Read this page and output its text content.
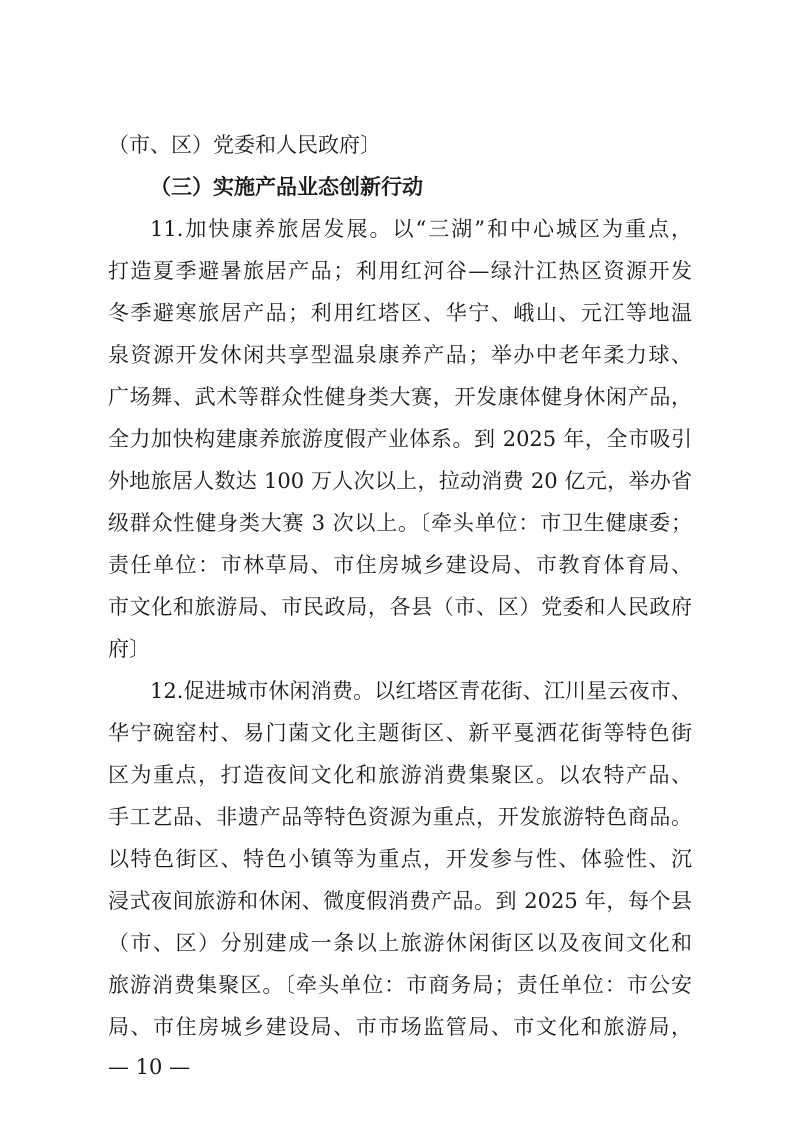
（市、区）党委和人民政府〕
（三）实施产品业态创新行动
11.加快康养旅居发展。以“三湖”和中心城区为重点，
打造夏季避暑旅居产品；利用红河谷—绿汁江热区资源开发
冬季避寒旅居产品；利用红塔区、华宁、峨山、元江等地温
泉资源开发休闲共享型温泉康养产品；举办中老年柔力球、
广场舞、武术等群众性健身类大赛，开发康体健身休闲产品，
全力加快构建康养旅游度假产业体系。到 2025 年，全市吸引
外地旅居人数达 100 万人次以上，拉动消费 20 亿元，举办省
级群众性健身类大赛 3 次以上。〔牵头单位：市卫生健康委；
责任单位：市林草局、市住房城乡建设局、市教育体育局、
市文化和旅游局、市民政局，各县（市、区）党委和人民政府
府〕
12.促进城市休闲消费。以红塔区青花街、江川星云夜市、
华宁碗窑村、易门菌文化主题街区、新平戛洒花街等特色街
区为重点，打造夜间文化和旅游消费集聚区。以农特产品、
手工艺品、非遗产品等特色资源为重点，开发旅游特色商品。
以特色街区、特色小镇等为重点，开发参与性、体验性、沉
浸式夜间旅游和休闲、微度假消费产品。到 2025 年，每个县
（市、区）分别建成一条以上旅游休闲街区以及夜间文化和
旅游消费集聚区。〔牵头单位：市商务局；责任单位：市公安
局、市住房城乡建设局、市市场监管局、市文化和旅游局，
— 10 —
